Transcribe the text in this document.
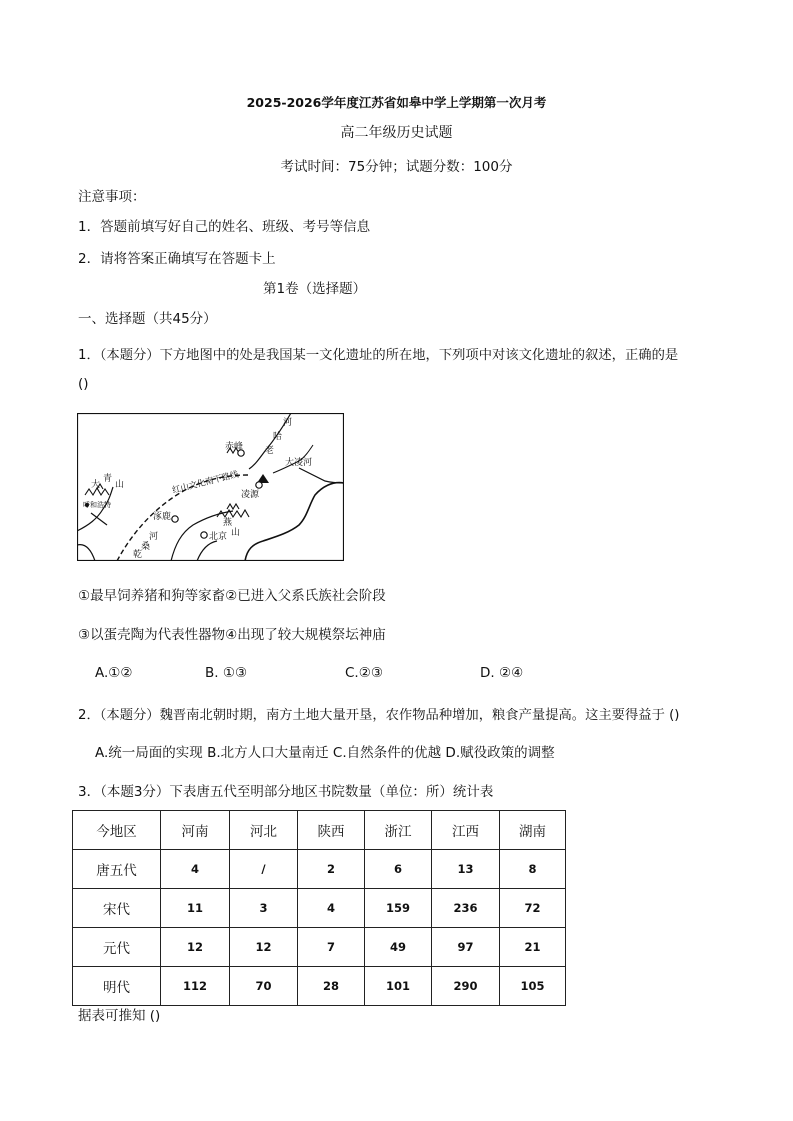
2025-2026学年度江苏省如皋中学上学期第一次月考
高二年级历史试题
考试时间：75分钟；试题分数：100分
注意事项：
1．答题前填写好自己的姓名、班级、考号等信息
2．请将答案正确填写在答题卡上
第1卷（选择题）
一、选择题（共45分）
1．（本题分）下方地图中的处是我国某一文化遗址的所在地，下列项中对该文化遗址的叙述，正确的是
()
赤峰
河
哈
老
大凌河
凌源
红山文化南下路线
大
青
山
呼和浩特
涿鹿
燕
山
北京
河
桑
乾
①最早饲养猪和狗等家畜②已进入父系氏族社会阶段
③以蛋壳陶为代表性器物④出现了较大规模祭坛神庙
A.①②	B. ①③	C.②③	D. ②④
2．（本题分）魏晋南北朝时期，南方土地大量开垦，农作物品种增加，粮食产量提高。这主要得益于 ()
A.统一局面的实现 B.北方人口大量南迁 C.自然条件的优越 D.赋役政策的调整
3．（本题3分）下表唐五代至明部分地区书院数量（单位：所）统计表
今地区	河南	河北	陕西	浙江	江西	湖南
唐五代	4	/	2	6	13	8
宋代	11	3	4	159	236	72
元代	12	12	7	49	97	21
明代	112	70	28	101	290	105
据表可推知 ()
